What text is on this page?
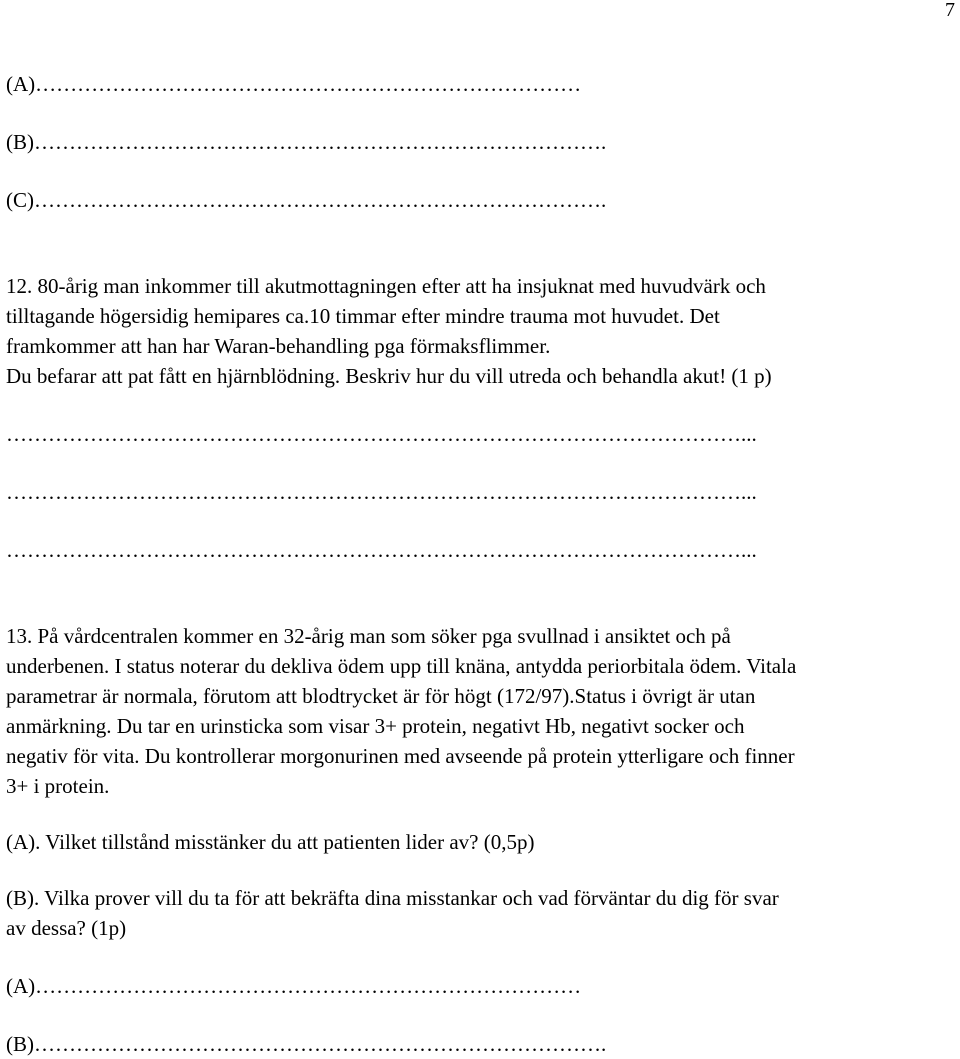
7
(A)……………………………………………………………………
(B)……………………………………………………………………….
(C)……………………………………………………………………….
12. 80-årig man inkommer till akutmottagningen efter att ha insjuknat med huvudvärk och
tilltagande högersidig hemipares ca.10 timmar efter mindre trauma mot huvudet. Det
framkommer att han har Waran-behandling pga förmaksflimmer.
Du befarar att pat fått en hjärnblödning. Beskriv hur du vill utreda och behandla akut! (1 p)
……………………………………………………………………………………………...
……………………………………………………………………………………………...
……………………………………………………………………………………………...
13. På vårdcentralen kommer en 32-årig man som söker pga svullnad i ansiktet och på
underbenen. I status noterar du dekliva ödem upp till knäna, antydda periorbitala ödem. Vitala
parametrar är normala, förutom att blodtrycket är för högt (172/97).Status i övrigt är utan
anmärkning. Du tar en urinsticka som visar 3+ protein, negativt Hb, negativt socker och
negativ för vita. Du kontrollerar morgonurinen med avseende på protein ytterligare och finner
3+ i protein.
(A). Vilket tillstånd misstänker du att patienten lider av? (0,5p)
(B). Vilka prover vill du ta för att bekräfta dina misstankar och vad förväntar du dig för svar
av dessa? (1p)
(A)……………………………………………………………………
(B)……………………………………………………………………….
